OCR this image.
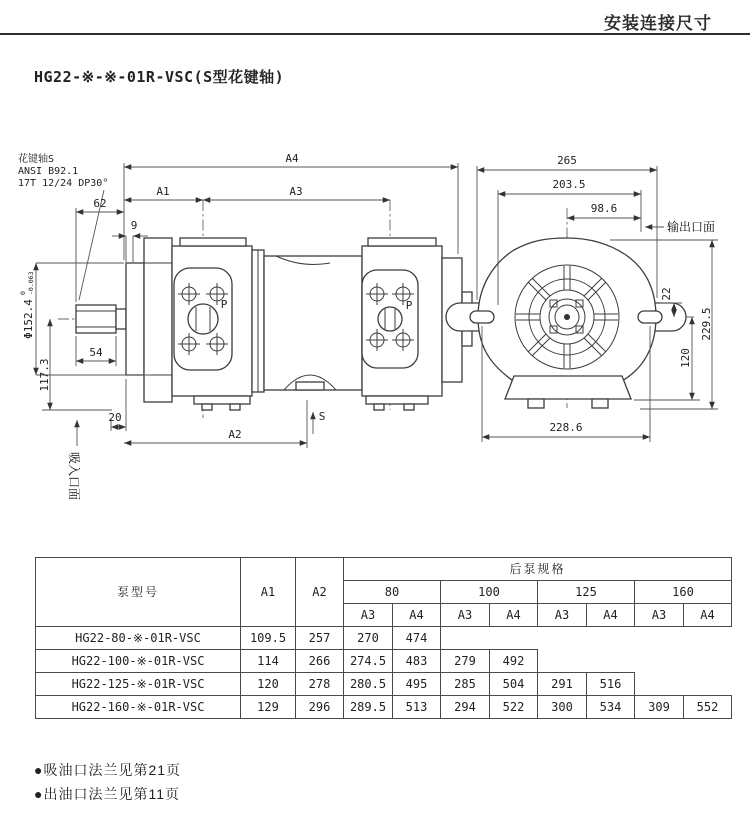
安装连接尺寸
HG22-※-※-01R-VSC(S型花键轴)
P	P
花键轴S
ANSI B92.1
17T 12/24 DP30°
A4
A1	A3
62
9
Φ152.4
0 -0.063
54
117.3
20
A2
S
吸入口面
265
203.5
98.6
输出口面
22
120
229.5
228.6
泵型号	A1	A2	后泵规格							
			80		100		125		160	
			A3	A4	A3	A4	A3	A4	A3	A4
HG22-80-※-01R-VSC	109.5	257	270	474						
HG22-100-※-01R-VSC	114	266	274.5	483	279	492				
HG22-125-※-01R-VSC	120	278	280.5	495	285	504	291	516		
HG22-160-※-01R-VSC	129	296	289.5	513	294	522	300	534	309	552
●吸油口法兰见第21页
●出油口法兰见第11页
